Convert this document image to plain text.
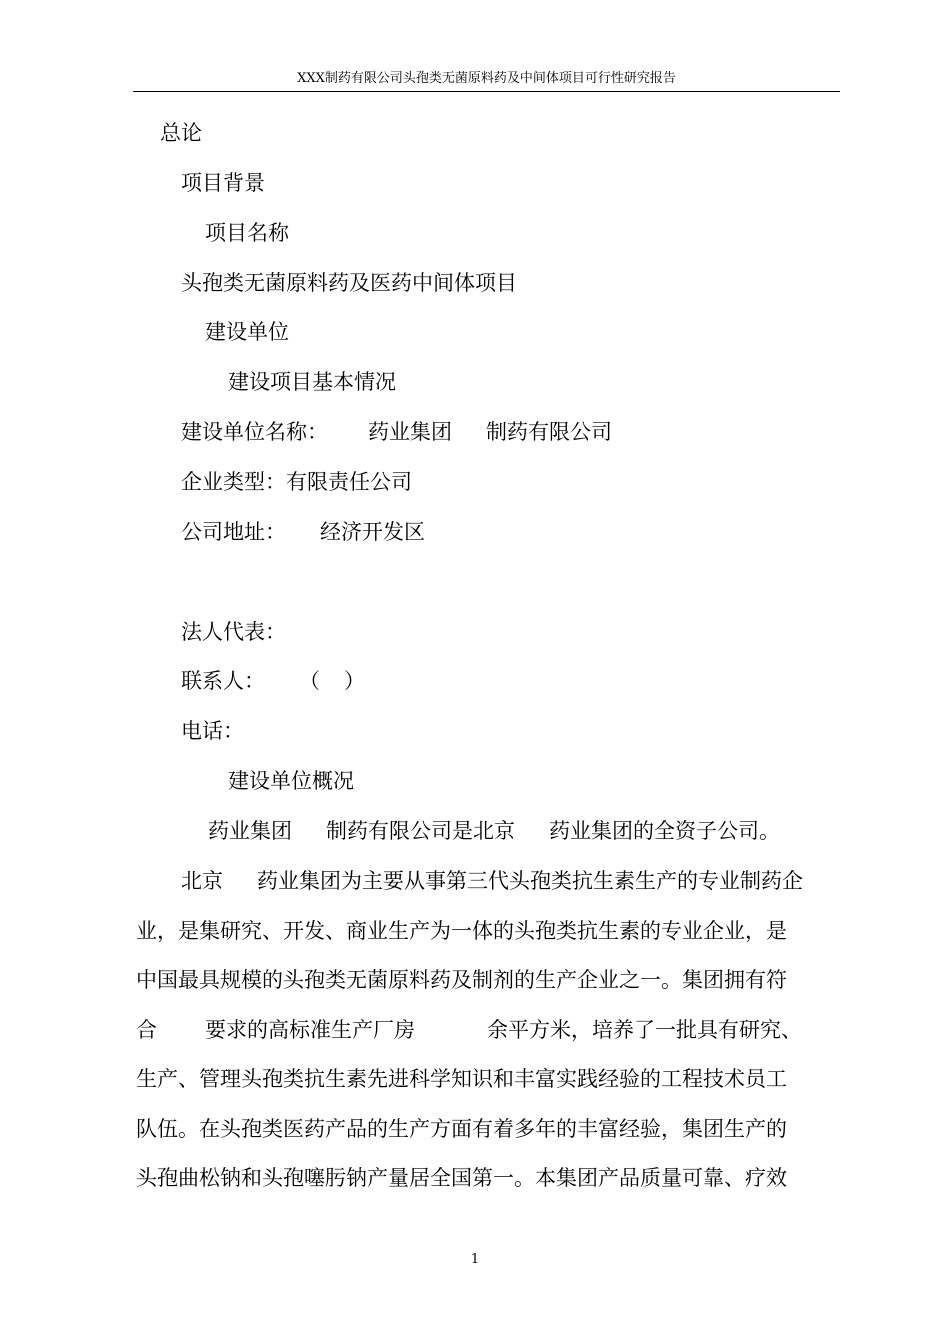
XXX制药有限公司头孢类无菌原料药及中间体项目可行性研究报告
总论
项目背景
项目名称
头孢类无菌原料药及医药中间体项目
建设单位
建设项目基本情况
建设单位名称： 药业集团 制药有限公司
企业类型：有限责任公司
公司地址： 经济开发区
法人代表：
联系人： （ ）
电话：
建设单位概况
药业集团 制药有限公司是北京 药业集团的全资子公司。
北京 药业集团为主要从事第三代头孢类抗生素生产的专业制药企
业，是集研究、开发、商业生产为一体的头孢类抗生素的专业企业，是
中国最具规模的头孢类无菌原料药及制剂的生产企业之一。集团拥有符
合 要求的高标准生产厂房	余平方米，培养了一批具有研究、
生产、管理头孢类抗生素先进科学知识和丰富实践经验的工程技术员工
队伍。在头孢类医药产品的生产方面有着多年的丰富经验，集团生产的
头孢曲松钠和头孢噻肟钠产量居全国第一。本集团产品质量可靠、疗效
1
